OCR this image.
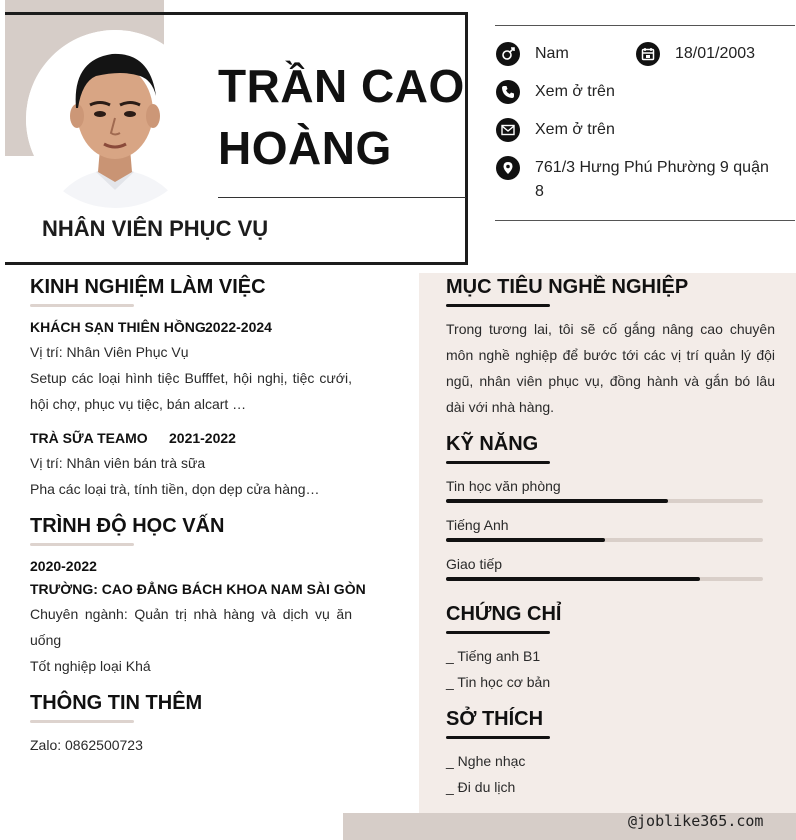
TRẦN CAO
HOÀNG
NHÂN VIÊN PHỤC VỤ
Nam	18/01/2003
Xem ở trên
Xem ở trên
761/3 Hưng Phú Phường 9 quận 8
KINH NGHIỆM LÀM VIỆC
KHÁCH SẠN THIÊN HỒNG 2022-2024
Vị trí: Nhân Viên Phục Vụ
Setup các loại hình tiệc Bufffet, hội nghị, tiệc cưới, hội chợ, phục vụ tiệc, bán alcart …
TRÀ SỮA TEAMO 2021-2022
Vị trí: Nhân viên bán trà sữa
Pha các loại trà, tính tiền, dọn dẹp cửa hàng…
TRÌNH ĐỘ HỌC VẤN
2020-2022
TRƯỜNG: CAO ĐẲNG BÁCH KHOA NAM SÀI GÒN
Chuyên ngành: Quản trị nhà hàng và dịch vụ ăn uống
Tốt nghiệp loại Khá
THÔNG TIN THÊM
Zalo: 0862500723
MỤC TIÊU NGHỀ NGHIỆP
Trong tương lai, tôi sẽ cố gắng nâng cao chuyên môn nghề nghiệp để bước tới các vị trí quản lý đội ngũ, nhân viên phục vụ, đồng hành và gắn bó lâu dài với nhà hàng.
KỸ NĂNG
Tin học văn phòng
Tiếng Anh
Giao tiếp
CHỨNG CHỈ
_ Tiếng anh B1
_ Tin học cơ bản
SỞ THÍCH
_ Nghe nhạc
_ Đi du lịch
@joblike365.com
